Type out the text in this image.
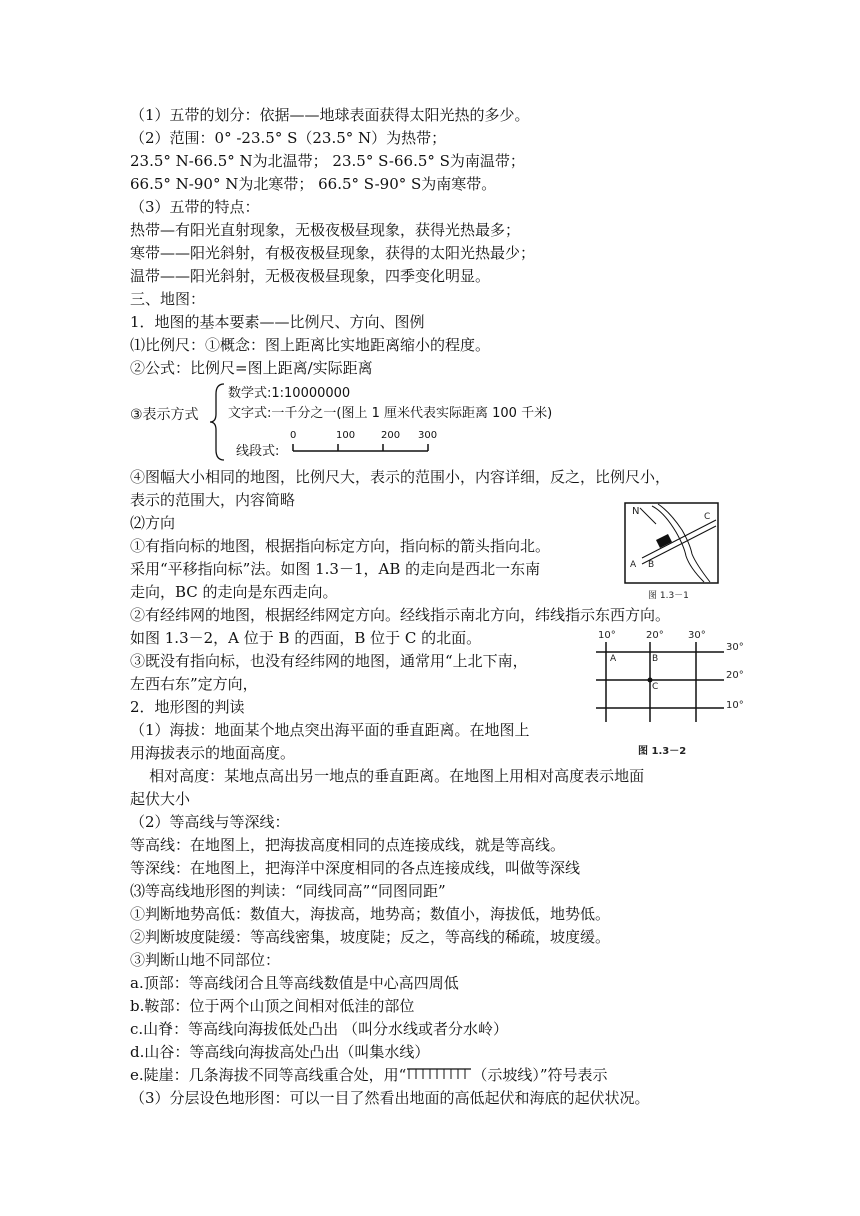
（1）五带的划分：依据——地球表面获得太阳光热的多少。
（2）范围：0° -23.5° S（23.5° N）为热带；
23.5° N-66.5° N为北温带； 23.5° S-66.5° S为南温带；
66.5° N-90° N为北寒带； 66.5° S-90° S为南寒带。
（3）五带的特点：
热带—有阳光直射现象，无极夜极昼现象，获得光热最多；
寒带——阳光斜射，有极夜极昼现象，获得的太阳光热最少；
温带——阳光斜射，无极夜极昼现象，四季变化明显。
三、地图：
1．地图的基本要素——比例尺、方向、图例
⑴比例尺：①概念：图上距离比实地距离缩小的程度。
②公式：比例尺=图上距离/实际距离
③表示方式
数学式:1:10000000
文字式:一千分之一(图上 1 厘米代表实际距离 100 千米)
线段式:
0	100	200 300
④图幅大小相同的地图，比例尺大，表示的范围小，内容详细，反之，比例尺小，
表示的范围大，内容简略
⑵方向
①有指向标的地图，根据指向标定方向，指向标的箭头指向北。
采用“平移指向标”法。如图 1.3－1，AB 的走向是西北一东南
走向，BC 的走向是东西走向。
②有经纬网的地图，根据经纬网定方向。经线指示南北方向，纬线指示东西方向。
如图 1.3－2，A 位于 B 的西面，B 位于 C 的北面。
③既没有指向标，也没有经纬网的地图，通常用“上北下南，
左西右东”定方向，
2．地形图的判读
（1）海拔：地面某个地点突出海平面的垂直距离。在地图上
用海拔表示的地面高度。
相对高度：某地点高出另一地点的垂直距离。在地图上用相对高度表示地面
起伏大小
（2）等高线与等深线：
等高线：在地图上，把海拔高度相同的点连接成线，就是等高线。
等深线：在地图上，把海洋中深度相同的各点连接成线，叫做等深线
⑶等高线地形图的判读：“同线同高”“同图同距”
①判断地势高低：数值大，海拔高，地势高；数值小，海拔低，地势低。
②判断坡度陡缓：等高线密集，坡度陡；反之，等高线的稀疏，坡度缓。
③判断山地不同部位：
a.顶部：等高线闭合且等高线数值是中心高四周低
b.鞍部：位于两个山顶之间相对低洼的部位
c.山脊：等高线向海拔低处凸出 （叫分水线或者分水岭）
d.山谷：等高线向海拔高处凸出（叫集水线）
e.陡崖：几条海拔不同等高线重合处，用“	（示坡线）”符号表示
（3）分层设色地形图：可以一目了然看出地面的高低起伏和海底的起伏状况。
N
A B
C
图 1.3－1
10°	20° 30°
30°
20°
10°
A	B
C
图 1.3－2
